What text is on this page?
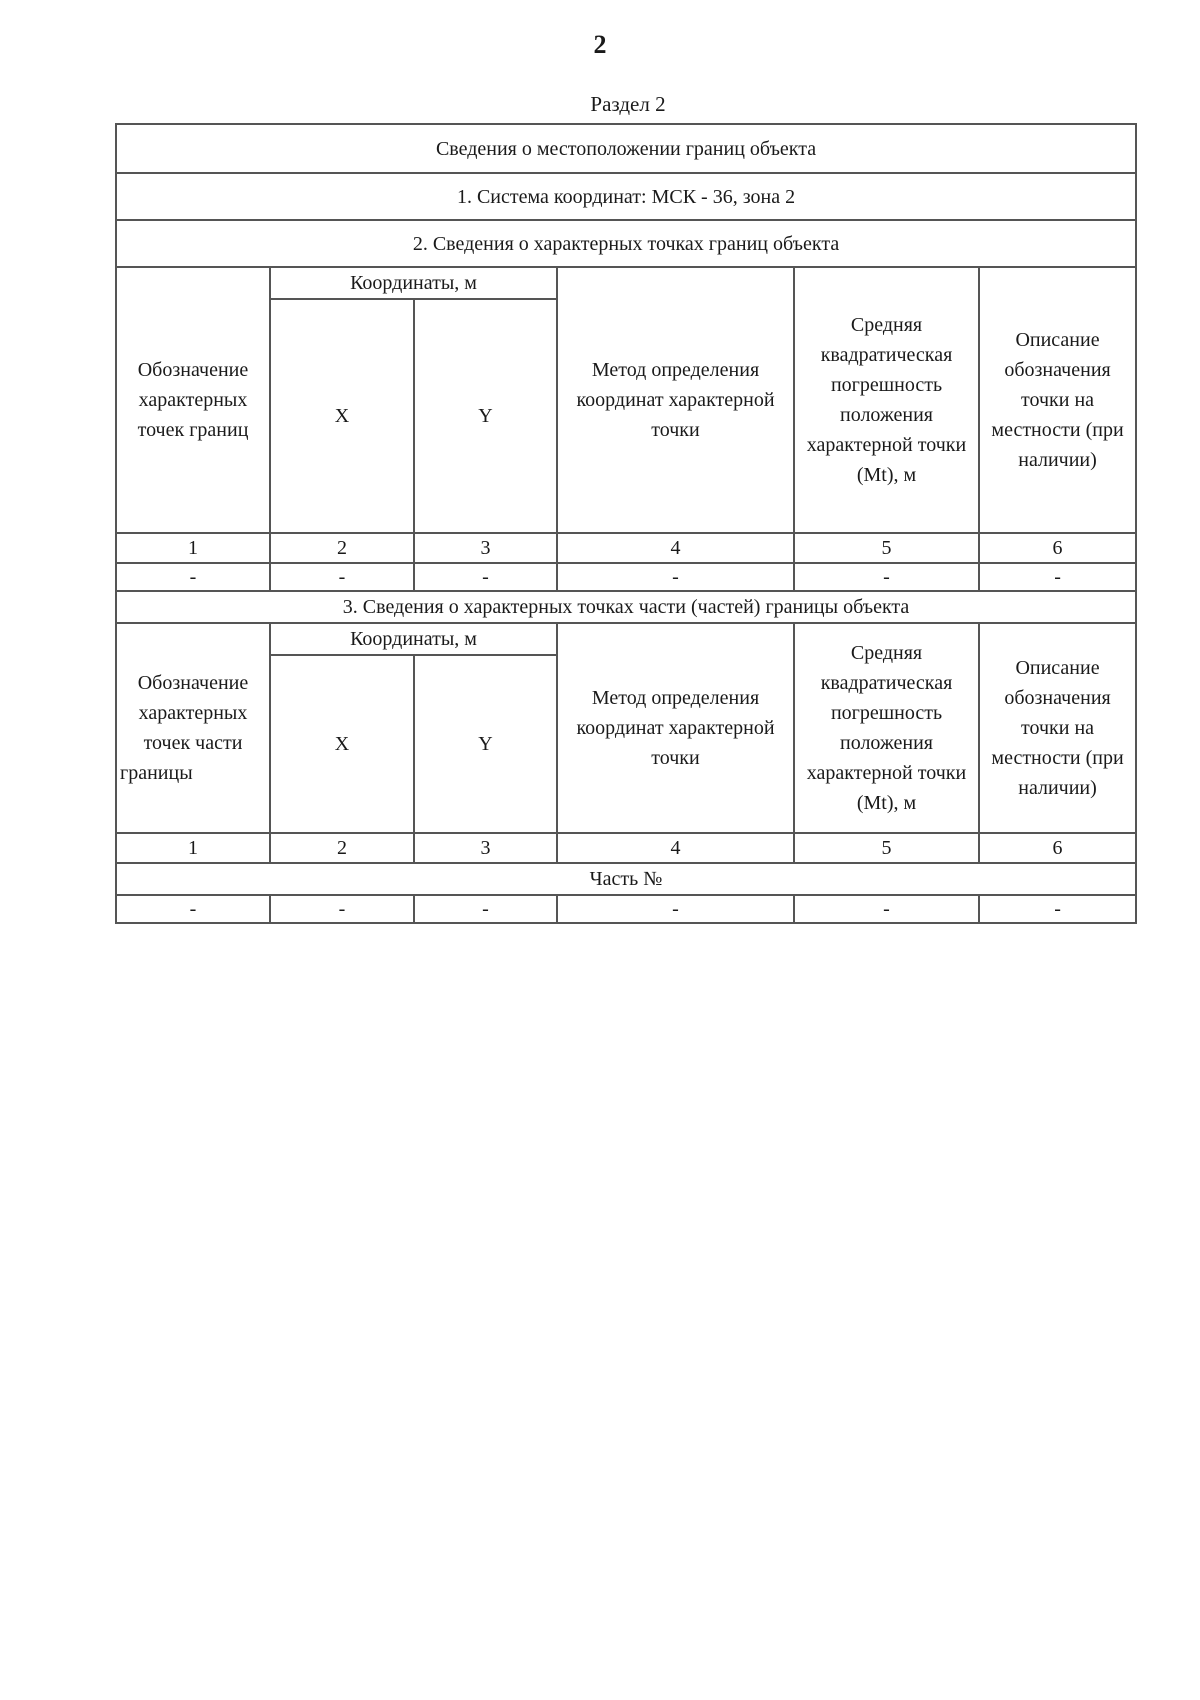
2
Раздел 2
Сведения о местоположении границ объекта					
1. Система координат: МСК - 36, зона 2					
2. Сведения о характерных точках границ объекта					
Обозначение характерных точек границ	Координаты, м		Метод определения координат характерной точки	Средняя квадратическая погрешность положения характерной точки (Mt), м	Описание обозначения точки на местности (при наличии)
	X	Y			
1	2	3	4	5	6
-	-	-	-	-	-
3. Сведения о характерных точках части (частей) границы объекта					
Обозначение характерных точек части границы	Координаты, м		Метод определения координат характерной точки	Средняя квадратическая погрешность положения характерной точки (Mt), м	Описание обозначения точки на местности (при наличии)
	X	Y			
1	2	3	4	5	6
Часть №					
-	-	-	-	-	-
